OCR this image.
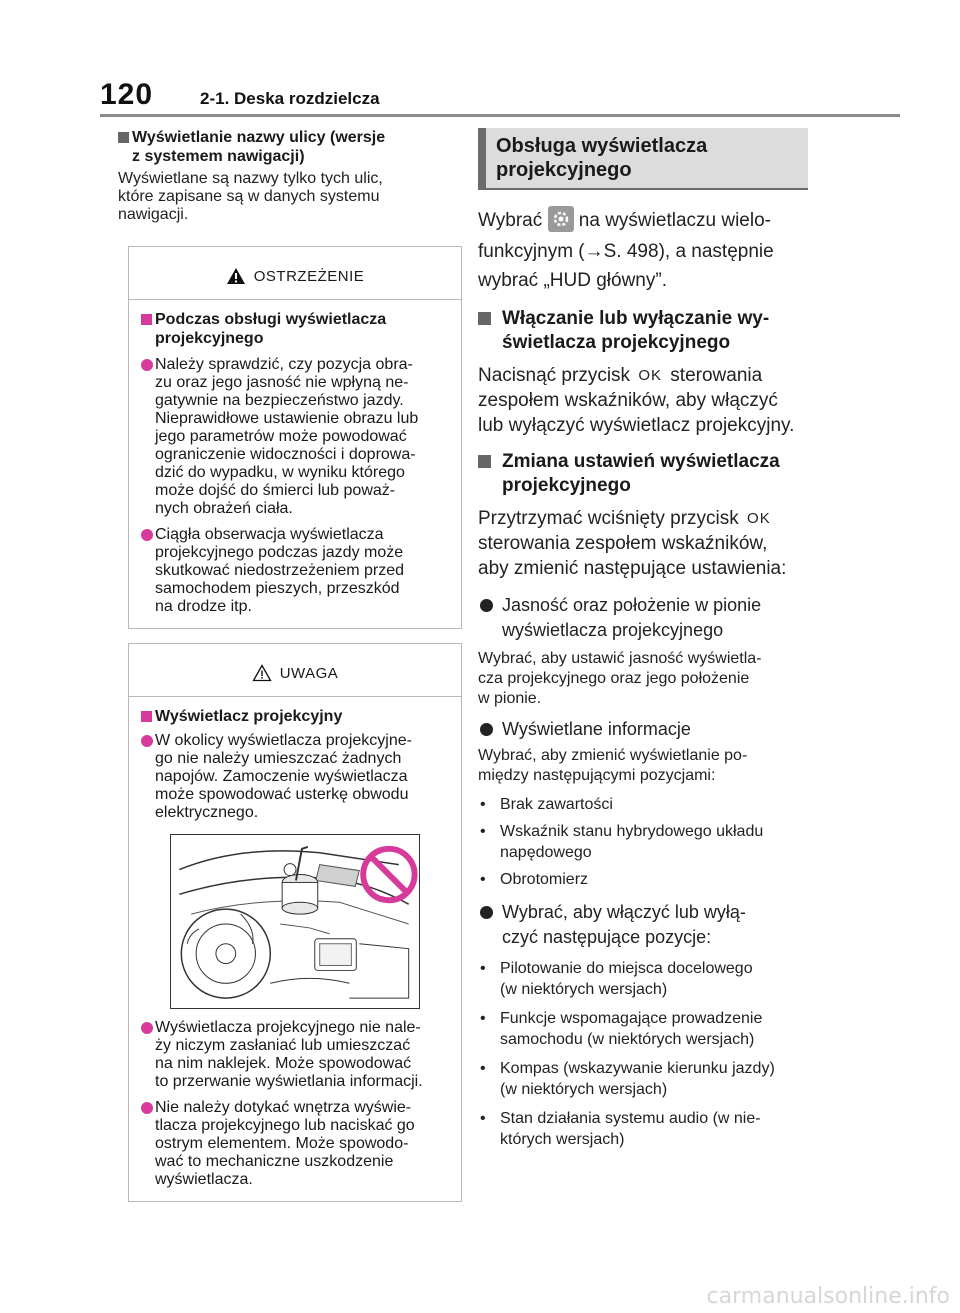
120	2-1. Deska rozdzielcza
Wyświetlanie nazwy ulicy (wersje
z systemem nawigacji)
Wyświetlane są nazwy tylko tych ulic,
które zapisane są w danych systemu
nawigacji.
OSTRZEŻENIE
Podczas obsługi wyświetlacza
projekcyjnego
Należy sprawdzić, czy pozycja obra-
zu oraz jego jasność nie wpłyną ne-
gatywnie na bezpieczeństwo jazdy.
Nieprawidłowe ustawienie obrazu lub
jego parametrów może powodować
ograniczenie widoczności i doprowa-
dzić do wypadku, w wyniku którego
może dojść do śmierci lub poważ-
nych obrażeń ciała.
Ciągła obserwacja wyświetlacza
projekcyjnego podczas jazdy może
skutkować niedostrzeżeniem przed
samochodem pieszych, przeszkód
na drodze itp.
UWAGA
Wyświetlacz projekcyjny
W okolicy wyświetlacza projekcyjne-
go nie należy umieszczać żadnych
napojów. Zamoczenie wyświetlacza
może spowodować usterkę obwodu
elektrycznego.
Wyświetlacza projekcyjnego nie nale-
ży niczym zasłaniać lub umieszczać
na nim naklejek. Może spowodować
to przerwanie wyświetlania informacji.
Nie należy dotykać wnętrza wyświe-
tlacza projekcyjnego lub naciskać go
ostrym elementem. Może spowodo-
wać to mechaniczne uszkodzenie
wyświetlacza.
Obsługa wyświetlacza
projekcyjnego
Wybrać na wyświetlaczu wielo-
funkcyjnym (→S. 498), a następnie
wybrać „HUD główny”.
Włączanie lub wyłączanie wy-
świetlacza projekcyjnego
Nacisnąć przycisk OK sterowania
zespołem wskaźników, aby włączyć
lub wyłączyć wyświetlacz projekcyjny.
Zmiana ustawień wyświetlacza
projekcyjnego
Przytrzymać wciśnięty przycisk OK
sterowania zespołem wskaźników,
aby zmienić następujące ustawienia:
Jasność oraz położenie w pionie
wyświetlacza projekcyjnego
Wybrać, aby ustawić jasność wyświetla-
cza projekcyjnego oraz jego położenie
w pionie.
Wyświetlane informacje
Wybrać, aby zmienić wyświetlanie po-
między następującymi pozycjami:
• Brak zawartości
• Wskaźnik stanu hybrydowego układu
napędowego
• Obrotomierz
Wybrać, aby włączyć lub wyłą-
czyć następujące pozycje:
• Pilotowanie do miejsca docelowego
(w niektórych wersjach)
• Funkcje wspomagające prowadzenie
samochodu (w niektórych wersjach)
• Kompas (wskazywanie kierunku jazdy)
(w niektórych wersjach)
• Stan działania systemu audio (w nie-
których wersjach)
carmanualsonline.info
